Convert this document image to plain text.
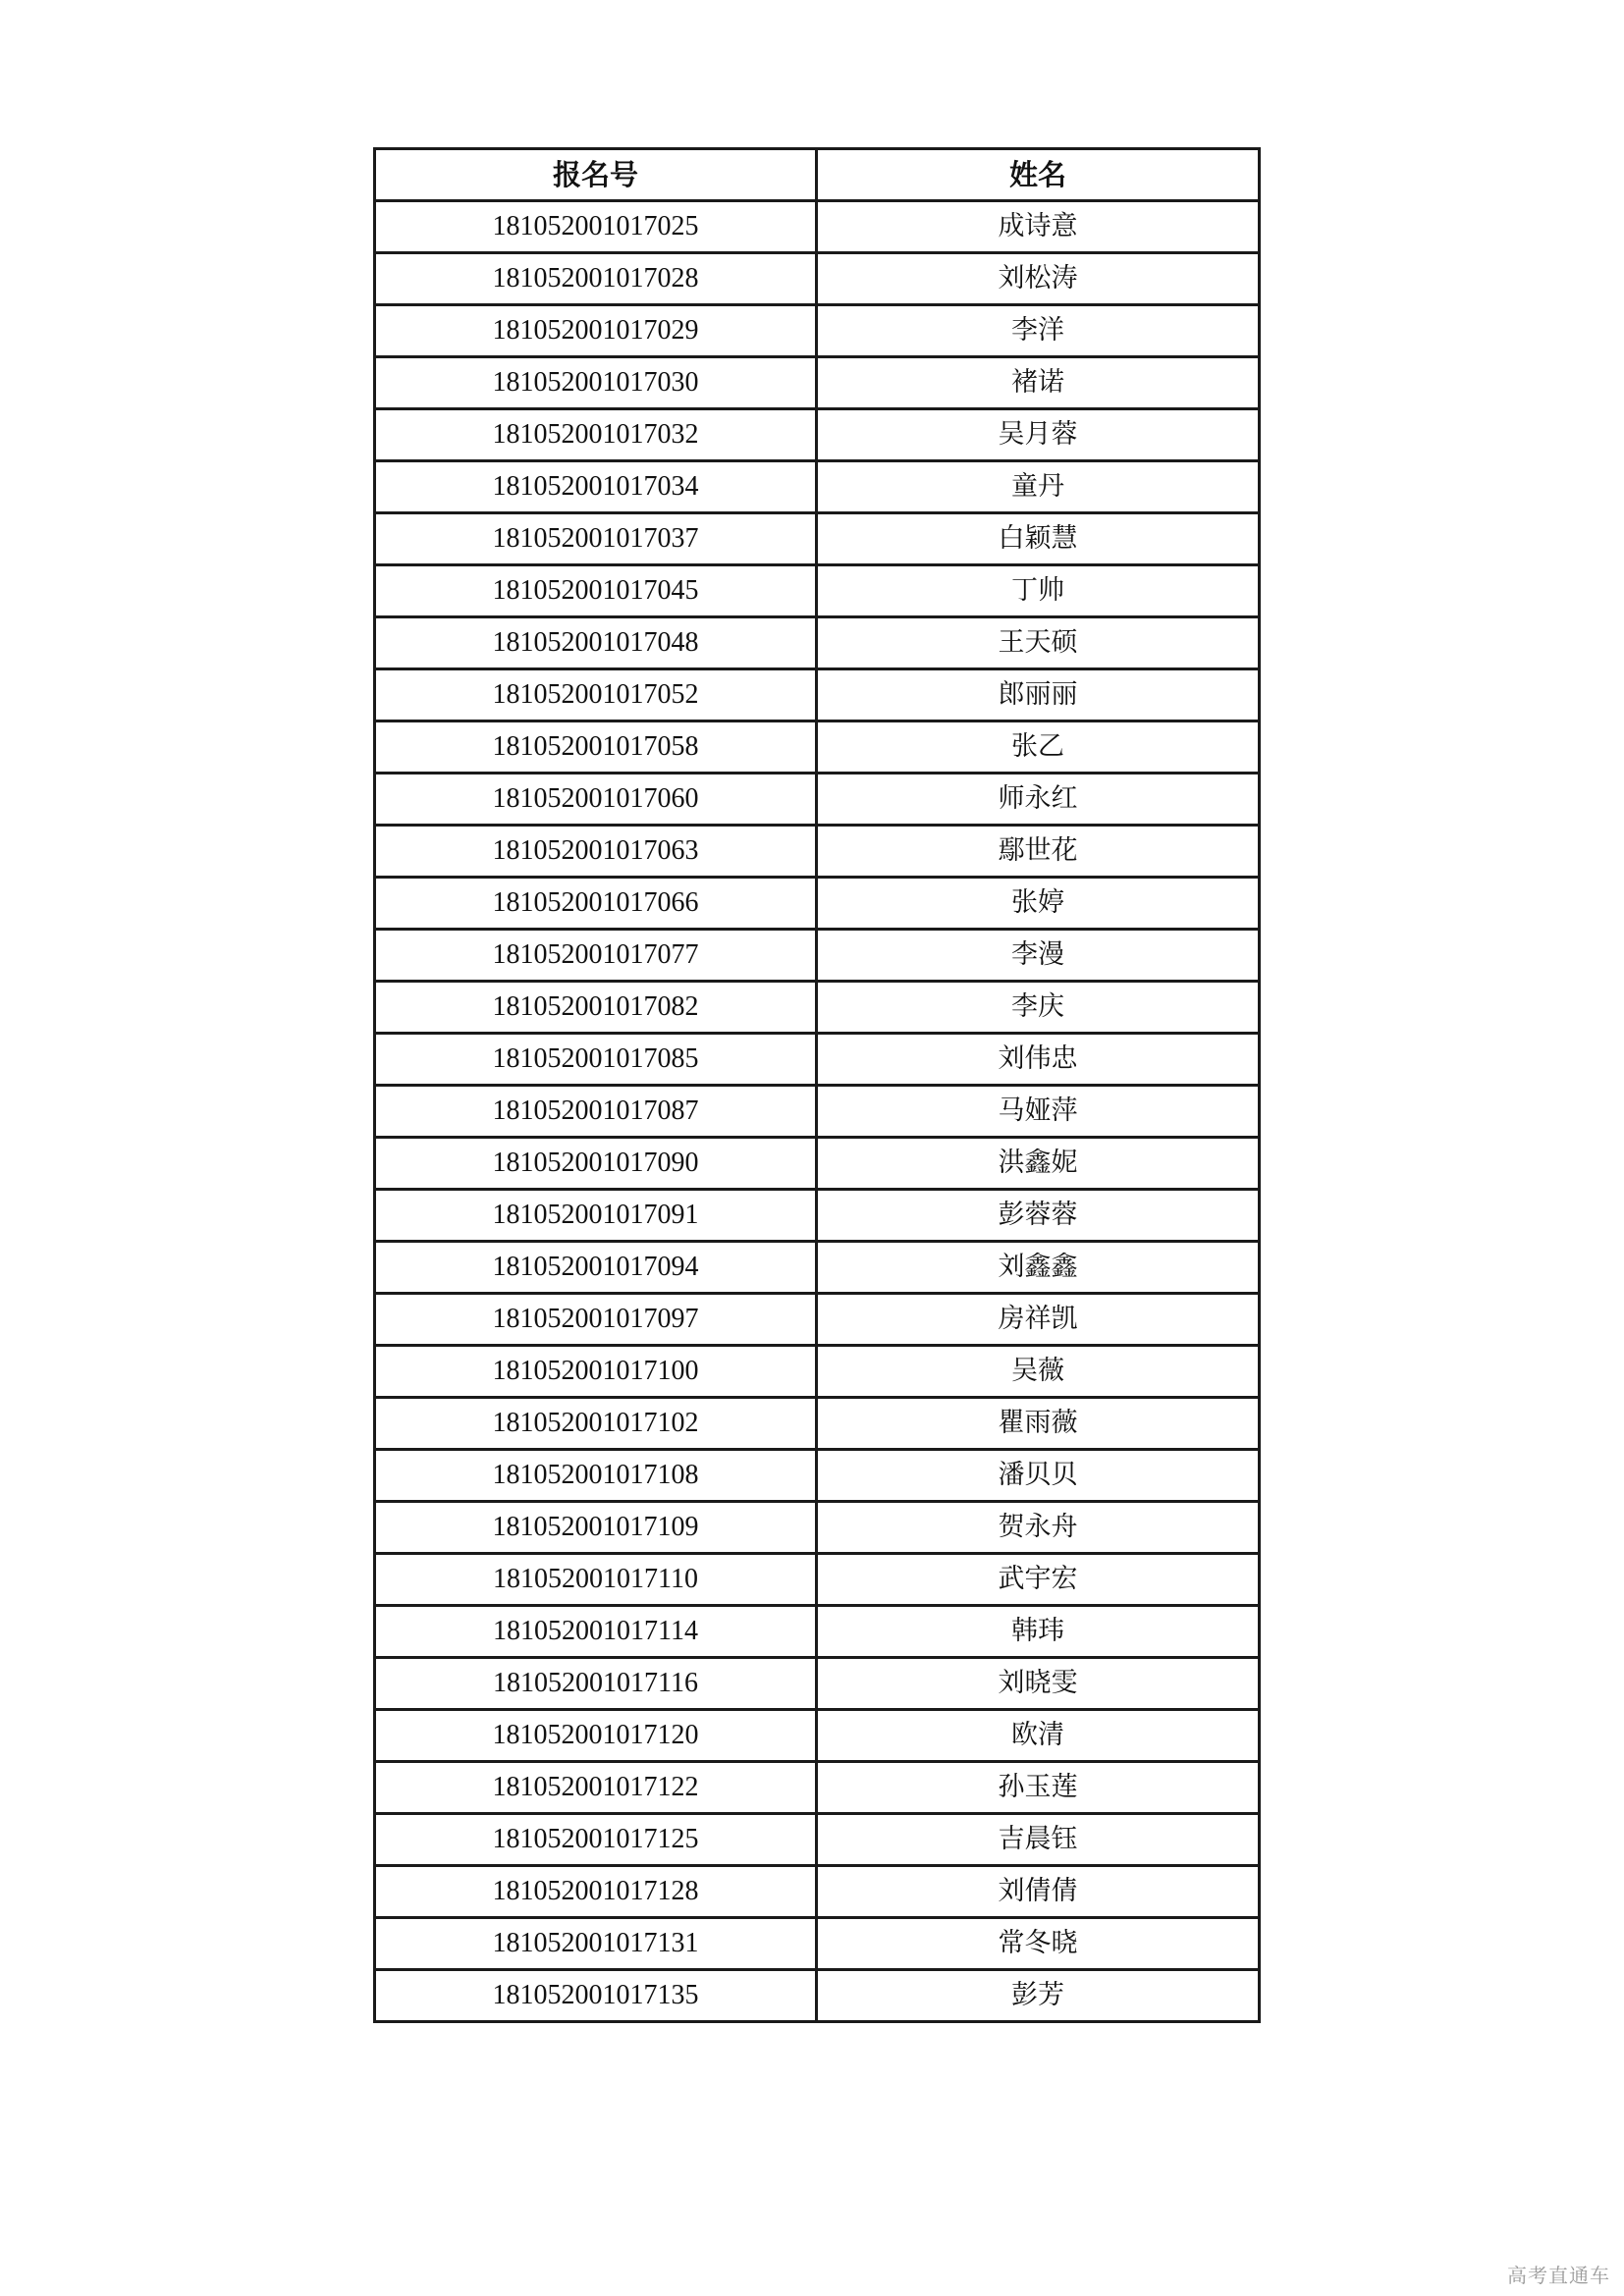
报名号	姓名
181052001017025	成诗意
181052001017028	刘松涛
181052001017029	李洋
181052001017030	褚诺
181052001017032	吴月蓉
181052001017034	童丹
181052001017037	白颖慧
181052001017045	丁帅
181052001017048	王天硕
181052001017052	郎丽丽
181052001017058	张乙
181052001017060	师永红
181052001017063	鄢世花
181052001017066	张婷
181052001017077	李漫
181052001017082	李庆
181052001017085	刘伟忠
181052001017087	马娅萍
181052001017090	洪鑫妮
181052001017091	彭蓉蓉
181052001017094	刘鑫鑫
181052001017097	房祥凯
181052001017100	吴薇
181052001017102	瞿雨薇
181052001017108	潘贝贝
181052001017109	贺永舟
181052001017110	武宇宏
181052001017114	韩玮
181052001017116	刘晓雯
181052001017120	欧清
181052001017122	孙玉莲
181052001017125	吉晨钰
181052001017128	刘倩倩
181052001017131	常冬晓
181052001017135	彭芳
高考直通车
